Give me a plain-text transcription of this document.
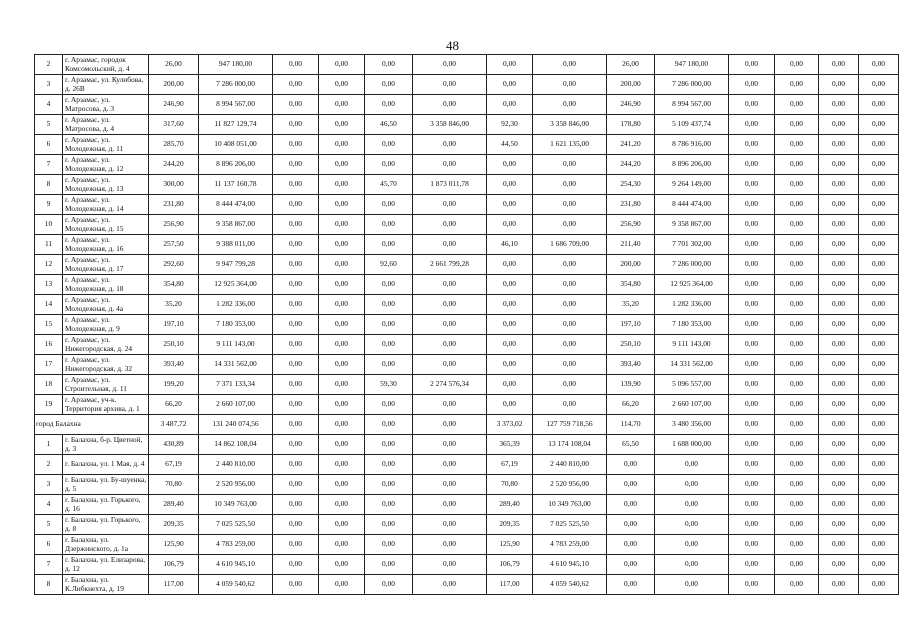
48
2	г. Арзамас, городок Комсомольский, д. 4	26,00	947 180,00	0,00	0,00	0,00	0,00	0,00	0,00	26,00	947 180,00	0,00	0,00	0,00	0,00
3	г. Арзамас, ул. Кулибова, д. 26В	200,00	7 286 000,00	0,00	0,00	0,00	0,00	0,00	0,00	200,00	7 286 000,00	0,00	0,00	0,00	0,00
4	г. Арзамас, ул. Матросова, д. 3	246,90	8 994 567,00	0,00	0,00	0,00	0,00	0,00	0,00	246,90	8 994 567,00	0,00	0,00	0,00	0,00
5	г. Арзамас, ул. Матросова, д. 4	317,60	11 827 129,74	0,00	0,00	46,50	3 358 846,00	92,30	3 358 846,00	178,80	5 109 437,74	0,00	0,00	0,00	0,00
6	г. Арзамас, ул. Молодежная, д. 11	285,70	10 408 051,00	0,00	0,00	0,00	0,00	44,50	1 621 135,00	241,20	8 786 916,00	0,00	0,00	0,00	0,00
7	г. Арзамас, ул. Молодежная, д. 12	244,20	8 896 206,00	0,00	0,00	0,00	0,00	0,00	0,00	244,20	8 896 206,00	0,00	0,00	0,00	0,00
8	г. Арзамас, ул. Молодежная, д. 13	300,00	11 137 160,78	0,00	0,00	45,70	1 873 011,78	0,00	0,00	254,30	9 264 149,00	0,00	0,00	0,00	0,00
9	г. Арзамас, ул. Молодежная, д. 14	231,80	8 444 474,00	0,00	0,00	0,00	0,00	0,00	0,00	231,80	8 444 474,00	0,00	0,00	0,00	0,00
10	г. Арзамас, ул. Молодежная, д. 15	256,90	9 358 867,00	0,00	0,00	0,00	0,00	0,00	0,00	256,90	9 358 867,00	0,00	0,00	0,00	0,00
11	г. Арзамас, ул. Молодежная, д. 16	257,50	9 388 011,00	0,00	0,00	0,00	0,00	46,10	1 686 709,00	211,40	7 701 302,00	0,00	0,00	0,00	0,00
12	г. Арзамас, ул. Молодежная, д. 17	292,60	9 947 799,28	0,00	0,00	92,60	2 661 799,28	0,00	0,00	200,00	7 286 000,00	0,00	0,00	0,00	0,00
13	г. Арзамас, ул. Молодежная, д. 18	354,80	12 925 364,00	0,00	0,00	0,00	0,00	0,00	0,00	354,80	12 925 364,00	0,00	0,00	0,00	0,00
14	г. Арзамас, ул. Молодежная, д. 4а	35,20	1 282 336,00	0,00	0,00	0,00	0,00	0,00	0,00	35,20	1 282 336,00	0,00	0,00	0,00	0,00
15	г. Арзамас, ул. Молодежная, д. 9	197,10	7 180 353,00	0,00	0,00	0,00	0,00	0,00	0,00	197,10	7 180 353,00	0,00	0,00	0,00	0,00
16	г. Арзамас, ул. Нижегородская, д. 24	250,10	9 111 143,00	0,00	0,00	0,00	0,00	0,00	0,00	250,10	9 111 143,00	0,00	0,00	0,00	0,00
17	г. Арзамас, ул. Нижегородская, д. 32	393,40	14 331 562,00	0,00	0,00	0,00	0,00	0,00	0,00	393,40	14 331 562,00	0,00	0,00	0,00	0,00
18	г. Арзамас, ул. Строительная, д. 11	199,20	7 371 133,34	0,00	0,00	59,30	2 274 576,34	0,00	0,00	139,90	5 096 557,00	0,00	0,00	0,00	0,00
19	г. Арзамас, уч-к. Территория архива, д. 1	66,20	2 660 107,00	0,00	0,00	0,00	0,00	0,00	0,00	66,20	2 660 107,00	0,00	0,00	0,00	0,00
город Балахна		3 487,72	131 240 074,56	0,00	0,00	0,00	0,00	3 373,02	127 759 718,56	114,70	3 480 356,00	0,00	0,00	0,00	0,00
1	г. Балахна, б-р. Цветной, д. 3	430,89	14 862 108,04	0,00	0,00	0,00	0,00	365,39	13 174 108,04	65,50	1 688 000,00	0,00	0,00	0,00	0,00
2	г. Балахна, ул. 1 Мая, д. 4	67,19	2 440 810,00	0,00	0,00	0,00	0,00	67,19	2 440 810,00	0,00	0,00	0,00	0,00	0,00	0,00
3	г. Балахна, ул. Бу-шуенка, д. 5	70,80	2 520 956,00	0,00	0,00	0,00	0,00	70,80	2 520 956,00	0,00	0,00	0,00	0,00	0,00	0,00
4	г. Балахна, ул. Горького, д. 16	289,40	10 349 763,00	0,00	0,00	0,00	0,00	289,40	10 349 763,00	0,00	0,00	0,00	0,00	0,00	0,00
5	г. Балахна, ул. Горького, д. 8	209,35	7 025 525,50	0,00	0,00	0,00	0,00	209,35	7 025 525,50	0,00	0,00	0,00	0,00	0,00	0,00
6	г. Балахна, ул. Дзержинского, д. 1а	125,90	4 783 259,00	0,00	0,00	0,00	0,00	125,90	4 783 259,00	0,00	0,00	0,00	0,00	0,00	0,00
7	г. Балахна, ул. Елизарова, д. 12	106,79	4 610 945,10	0,00	0,00	0,00	0,00	106,79	4 610 945,10	0,00	0,00	0,00	0,00	0,00	0,00
8	г. Балахна, ул. К.Либкнехта, д. 19	117,00	4 059 540,62	0,00	0,00	0,00	0,00	117,00	4 059 540,62	0,00	0,00	0,00	0,00	0,00	0,00
